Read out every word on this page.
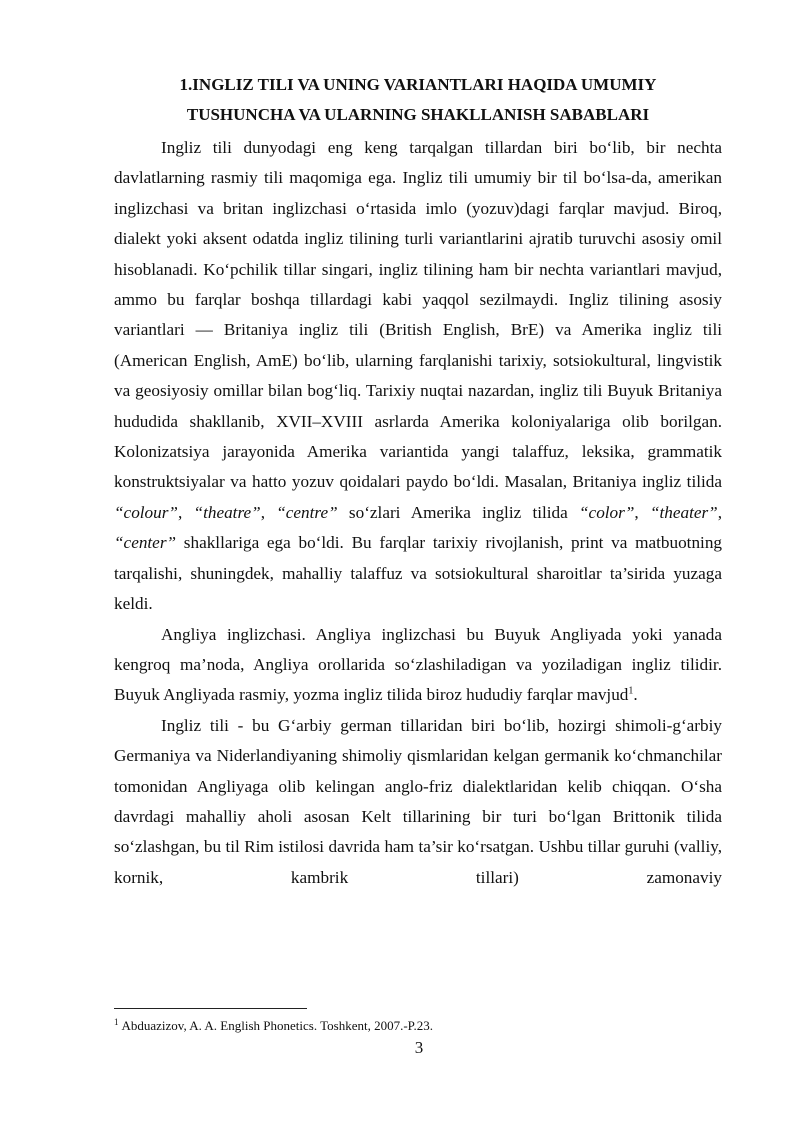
1.INGLIZ TILI VA UNING VARIANTLARI HAQIDA UMUMIY
TUSHUNCHA VA ULARNING SHAKLLANISH SABABLARI

Ingliz tili dunyodagi eng keng tarqalgan tillardan biri bo‘lib, bir nechta davlatlarning rasmiy tili maqomiga ega. Ingliz tili umumiy bir til bo‘lsa-da, amerikan inglizchasi va britan inglizchasi o‘rtasida imlo (yozuv)dagi farqlar mavjud. Biroq, dialekt yoki aksent odatda ingliz tilining turli variantlarini ajratib turuvchi asosiy omil hisoblanadi. Ko‘pchilik tillar singari, ingliz tilining ham bir nechta variantlari mavjud, ammo bu farqlar boshqa tillardagi kabi yaqqol sezilmaydi. Ingliz tilining asosiy variantlari — Britaniya ingliz tili (British English, BrE) va Amerika ingliz tili (American English, AmE) bo‘lib, ularning farqlanishi tarixiy, sotsiokultural, lingvistik va geosiyosiy omillar bilan bog‘liq. Tarixiy nuqtai nazardan, ingliz tili Buyuk Britaniya hududida shakllanib, XVII–XVIII asrlarda Amerika koloniyalariga olib borilgan. Kolonizatsiya jarayonida Amerika variantida yangi talaffuz, leksika, grammatik konstruktsiyalar va hatto yozuv qoidalari paydo bo‘ldi. Masalan, Britaniya ingliz tilida “colour”, “theatre”, “centre” so‘zlari Amerika ingliz tilida “color”, “theater”, “center” shakllariga ega bo‘ldi. Bu farqlar tarixiy rivojlanish, print va matbuotning tarqalishi, shuningdek, mahalliy talaffuz va sotsiokultural sharoitlar ta’sirida yuzaga keldi.

Angliya inglizchasi. Angliya inglizchasi bu Buyuk Angliyada yoki yanada kengroq ma’noda, Angliya orollarida so‘zlashiladigan va yoziladigan ingliz tilidir. Buyuk Angliyada rasmiy, yozma ingliz tilida biroz hududiy farqlar mavjud$^1$.

Ingliz tili - bu G‘arbiy german tillaridan biri bo‘lib, hozirgi shimoli-g‘arbiy Germaniya va Niderlandiyaning shimoliy qismlaridan kelgan germanik ko‘chmanchilar tomonidan Angliyaga olib kelingan anglo-friz dialektlaridan kelib chiqqan. O‘sha davrdagi mahalliy aholi asosan Kelt tillarining bir turi bo‘lgan Brittonik tilida so‘zlashgan, bu til Rim istilosi davrida ham ta’sir ko‘rsatgan. Ushbu tillar guruhi (valliy, kornik, kambrik tillari) zamonaviy

$^1$ Abduazizov, A. A. English Phonetics. Toshkent, 2007.-P.23.
3
